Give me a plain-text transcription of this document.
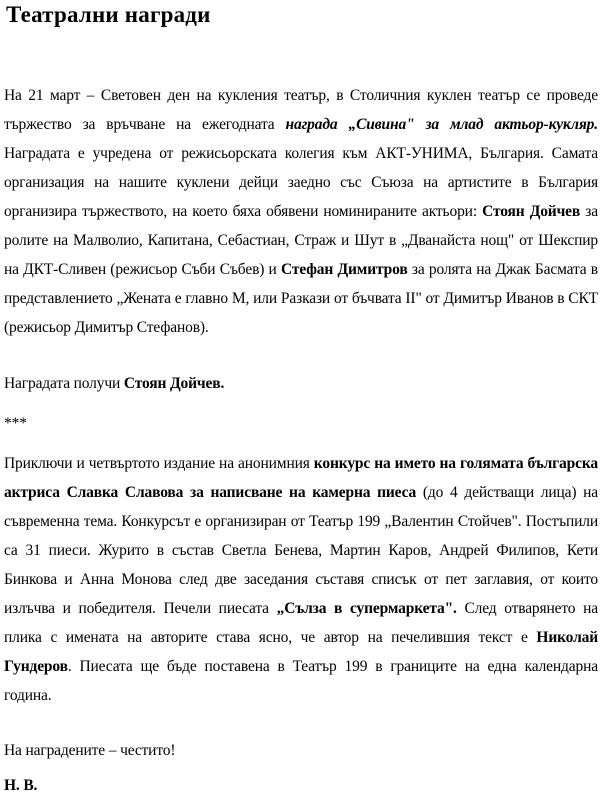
Театрални награди

На 21 март – Световен ден на кукления театър, в Столичния куклен театър се проведе тържество за връчване на ежегодната награда „Сивина" за млад актьор-кукляр. Наградата е учредена от режисьорската колегия към АКТ-УНИМА, България. Самата организация на нашите куклени дейци заедно със Съюза на артистите в България организира тържеството, на което бяха обявени номинираните актьори: Стоян Дойчев за ролите на Малволио, Капитана, Себастиан, Страж и Шут в „Дванайста нощ" от Шекспир на ДКТ-Сливен (режисьор Съби Събев) и Стефан Димитров за ролята на Джак Басмата в представлението „Жената е главно М, или Разкази от бъчвата II" от Димитър Иванов в СКТ (режисьор Димитър Стефанов).

Наградата получи Стоян Дойчев.

***

Приключи и четвъртото издание на анонимния конкурс на името на голямата българска актриса Славка Славова за написване на камерна пиеса (до 4 действащи лица) на съвременна тема. Конкурсът е организиран от Театър 199 „Валентин Стойчев". Постъпили са 31 пиеси. Журито в състав Светла Бенева, Мартин Каров, Андрей Филипов, Кети Бинкова и Анна Монова след две заседания съставя списък от пет заглавия, от които излъчва и победителя. Печели пиесата „Сълза в супермаркета". След отварянето на плика с имената на авторите става ясно, че автор на печелившия текст е Николай Гундеров. Пиесата ще бъде поставена в Театър 199 в границите на една календарна година.

На наградените – честито!

Н. В.
